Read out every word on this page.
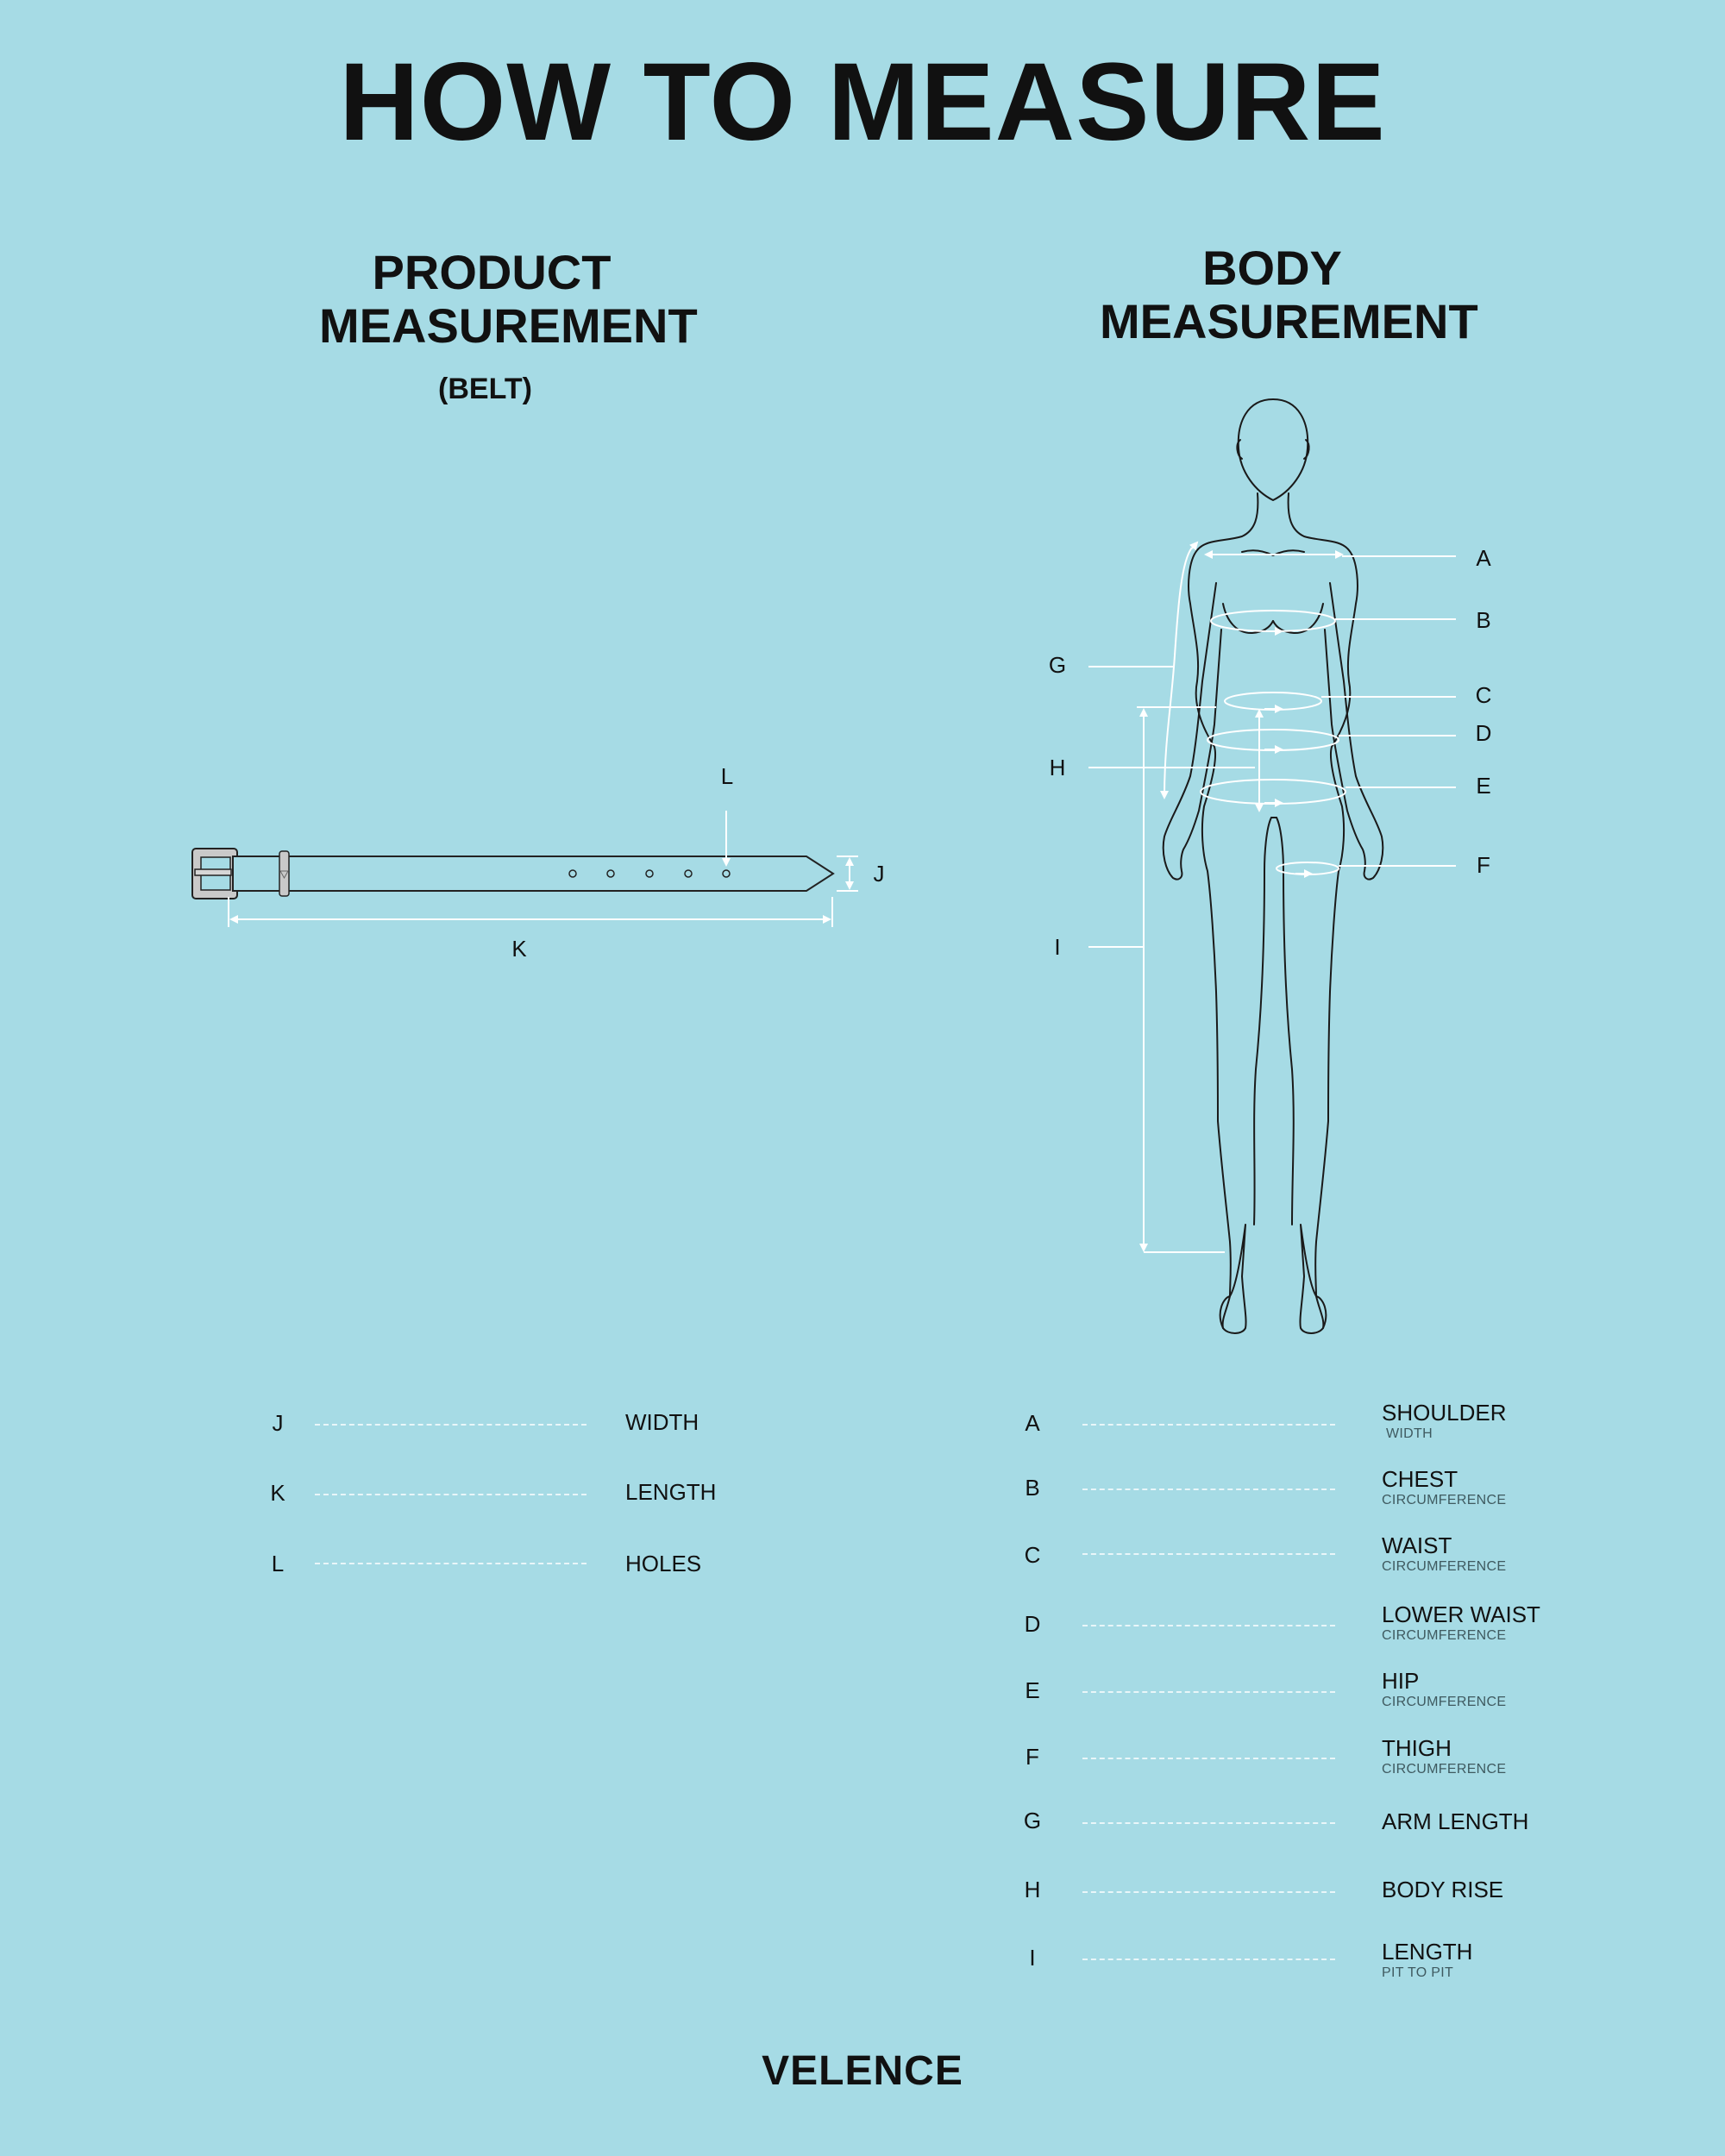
HOW TO MEASURE
PRODUCT
MEASUREMENT
(BELT)
BODY
MEASUREMENT
L
J
K
A
B
C
D
E
F
G
H
I
J	WIDTH
K	LENGTH
L	HOLES
A	SHOULDER
WIDTH
B	CHEST
CIRCUMFERENCE
C	WAIST
CIRCUMFERENCE
D	LOWER WAIST
CIRCUMFERENCE
E	HIP
CIRCUMFERENCE
F	THIGH
CIRCUMFERENCE
G	ARM LENGTH
H	BODY RISE
I	LENGTH
PIT TO PIT
VELENCE
